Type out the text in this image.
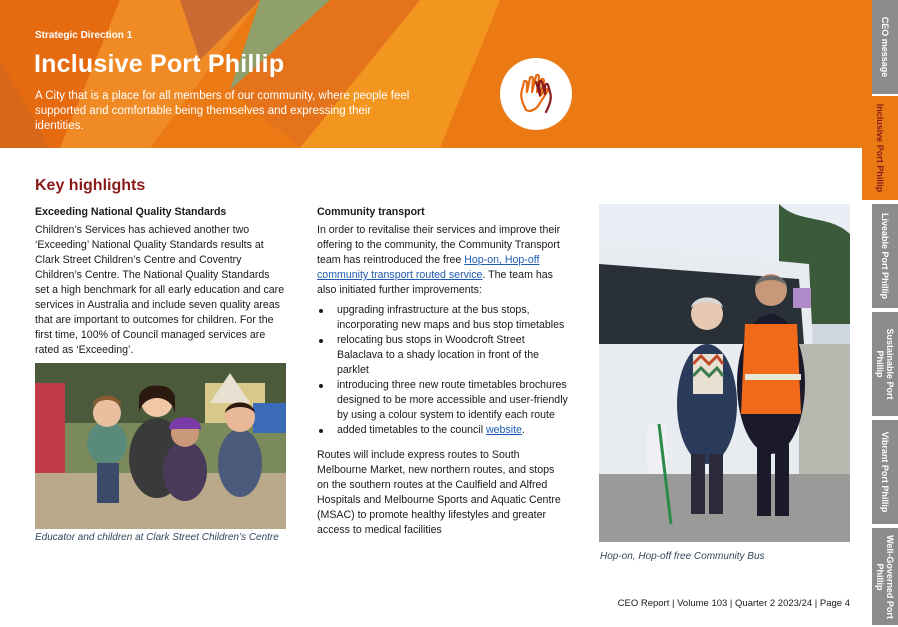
Strategic Direction 1
Inclusive Port Phillip
A City that is a place for all members of our community, where people feel supported and comfortable being themselves and expressing their identities.
CEO message
Inclusive Port Phillip
Liveable Port Phillip
Sustainable Port Phillip
Vibrant Port Phillip
Well-Governed Port Phillip
Key highlights
Exceeding National Quality Standards

Children’s Services has achieved another two ‘Exceeding’ National Quality Standards results at Clark Street Children’s Centre and Coventry Children’s Centre. The National Quality Standards set a high benchmark for all early education and care services in Australia and include seven quality areas that are important to outcomes for children. For the first time, 100% of Council managed services are rated as ‘Exceeding’.

Educator and children at Clark Street Children’s Centre
Community transport

In order to revitalise their services and improve their offering to the community, the Community Transport team has reintroduced the free Hop-on, Hop-off community transport routed service. The team has also initiated further improvements:

upgrading infrastructure at the bus stops, incorporating new maps and bus stop timetables
relocating bus stops in Woodcroft Street Balaclava to a shady location in front of the parklet
introducing three new route timetables brochures designed to be more accessible and user-friendly by using a colour system to identify each route
added timetables to the council website.

Routes will include express routes to South Melbourne Market, new northern routes, and stops on the southern routes at the Caulfield and Alfred Hospitals and Melbourne Sports and Aquatic Centre (MSAC) to promote healthy lifestyles and greater access to medical facilities

Hop-on, Hop-off free Community Bus
CEO Report | Volume 103 | Quarter 2 2023/24 | Page 4
